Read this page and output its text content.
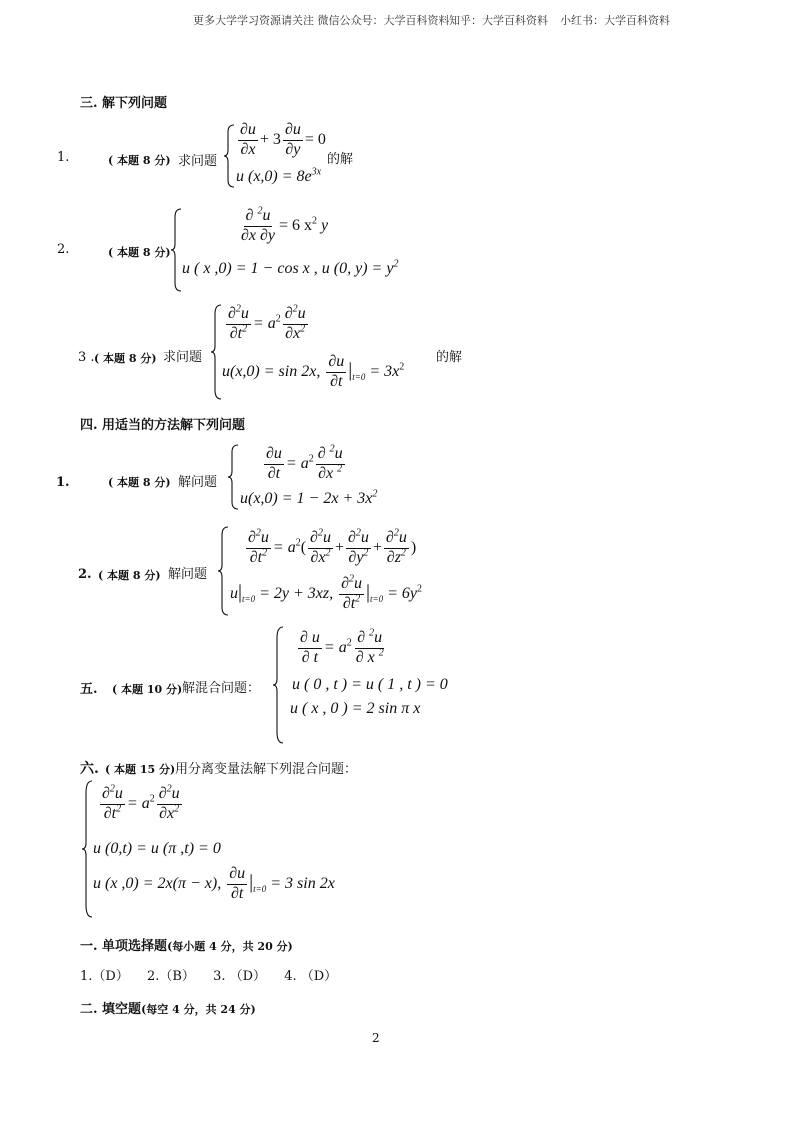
更多大学学习资源请关注 微信公众号：大学百科资料 知乎：大学百科资料 小红书：大学百科资料
三. 解下列问题
1.	( 本题 8 分) 求问题
$\frac{\partial u}{\partial x} + 3 \frac{\partial u}{\partial y} = 0$
u $(x,0) = 8e^{3x}$
的解
2.	( 本题 8 分)
$\frac{\partial ^2u}{\partial x \partial y} = 6$ $x^2$ y
u ( x ,0) = 1 − cos x , u (0, $y) = y^2$
3 . ( 本题 8 分) 求问题
$\frac{\partial^2u}{\partial t^2} = a^2 \frac{\partial^2u}{\partial x^2}$
u(x,0) = sin 2x, $\frac{\partial u}{\partial t} |_{t=0} = 3x^2$
的解
四. 用适当的方法解下列问题
1.	( 本题 8 分) 解问题	$\frac{\partial u}{\partial t} = a^2 \frac{\partial ^2u}{\partial x ^2}$
$u(x,0) = 1 - 2x + 3x^2$
2. ( 本题 8 分) 解问题
$\frac{\partial^2u}{\partial t^2} = a^2( \frac{\partial^2u}{\partial x^2} + \frac{\partial^2u}{\partial y^2} + \frac{\partial^2u}{\partial z^2}$ )
$u|_{t=0} = 2y + 3xz$, $\frac{\partial^2u}{\partial t^2} |_{t=0} = 6y^2$
五. ( 本题 10 分) 解混合问题：
$\frac{\partial u}{\partial t} = a^2 \frac{\partial ^2u}{\partial x ^2}$
u ( 0 , t ) = u ( 1 , t ) = 0
u ( x , 0 ) = 2 sin π x
六. ( 本题 15 分) 用分离变量法解下列混合问题：
$\frac{\partial^2u}{\partial t^2} = a^2 \frac{\partial^2u}{\partial x^2}$
u (0,t) = u (π ,t) = 0
u (x ,0) = 2x(π − x), $\frac{\partial u}{\partial t} |_{t=0} = 3$ sin 2x
一. 单项选择题(每小题 4 分，共 20 分)
1.（D） 2.（B） 3. （D） 4. （D）
二. 填空题(每空 4 分，共 24 分)
2
